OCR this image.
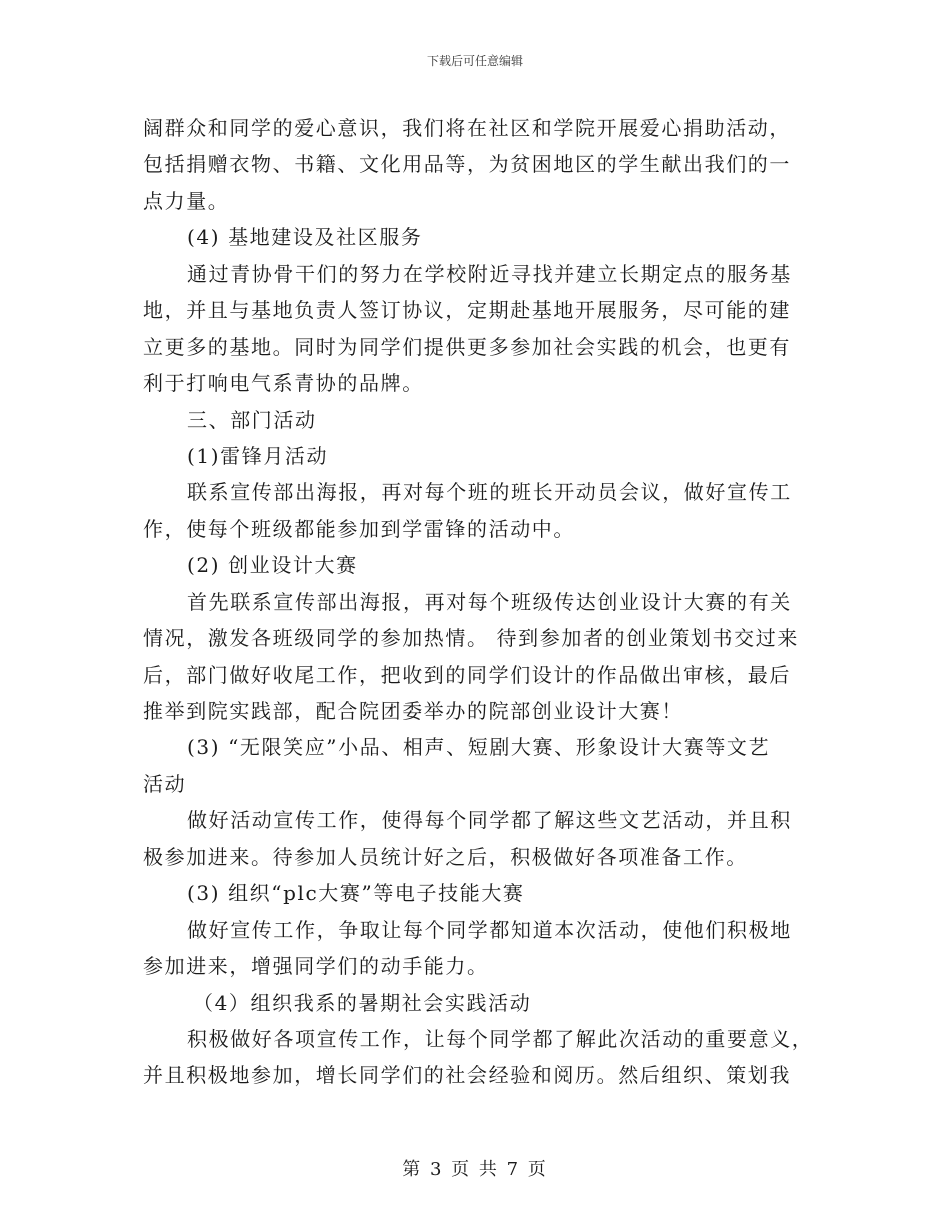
下载后可任意编辑
阔群众和同学的爱心意识，我们将在社区和学院开展爱心捐助活动，
包括捐赠衣物、书籍、文化用品等，为贫困地区的学生献出我们的一
点力量。
(4) 基地建设及社区服务
通过青协骨干们的努力在学校附近寻找并建立长期定点的服务基
地，并且与基地负责人签订协议，定期赴基地开展服务，尽可能的建
立更多的基地。同时为同学们提供更多参加社会实践的机会，也更有
利于打响电气系青协的品牌。
三、部门活动
(1)雷锋月活动
联系宣传部出海报，再对每个班的班长开动员会议，做好宣传工
作，使每个班级都能参加到学雷锋的活动中。
(2) 创业设计大赛
首先联系宣传部出海报，再对每个班级传达创业设计大赛的有关
情况，激发各班级同学的参加热情。 待到参加者的创业策划书交过来
后，部门做好收尾工作，把收到的同学们设计的作品做出审核，最后
推举到院实践部，配合院团委举办的院部创业设计大赛！
(3) “无限笑应”小品、相声、短剧大赛、形象设计大赛等文艺
活动
做好活动宣传工作，使得每个同学都了解这些文艺活动，并且积
极参加进来。待参加人员统计好之后，积极做好各项准备工作。
(3) 组织“plc大赛”等电子技能大赛
做好宣传工作，争取让每个同学都知道本次活动，使他们积极地
参加进来，增强同学们的动手能力。
（4）组织我系的暑期社会实践活动
积极做好各项宣传工作，让每个同学都了解此次活动的重要意义，
并且积极地参加，增长同学们的社会经验和阅历。然后组织、策划我
第 3 页 共 7 页
